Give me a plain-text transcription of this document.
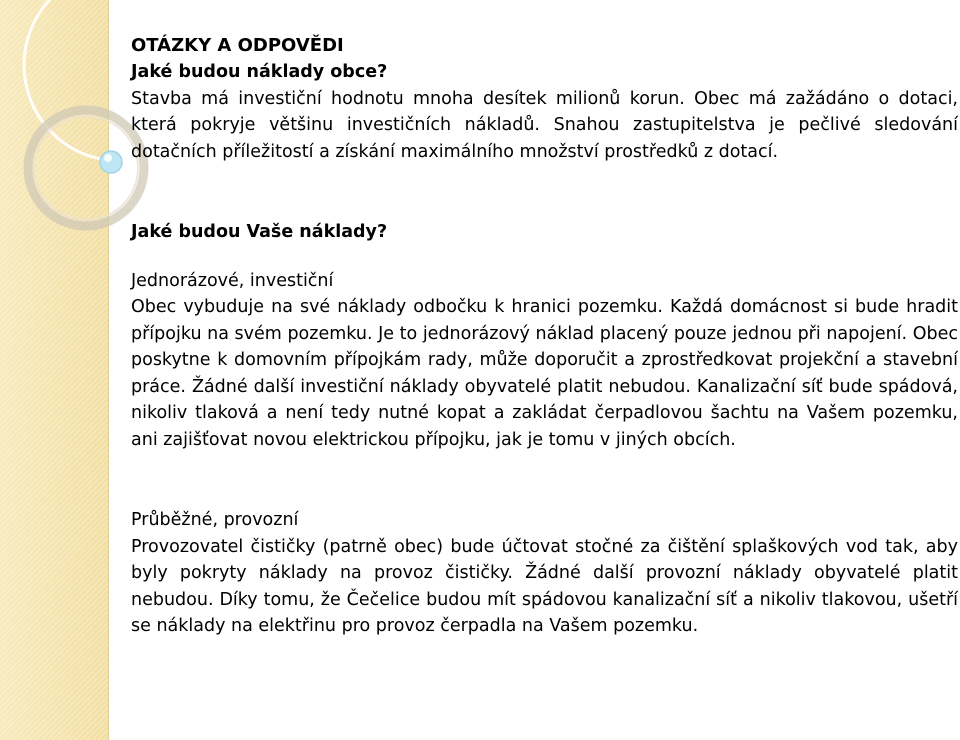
OTÁZKY A ODPOVĚDI

Jaké budou náklady obce?

Stavba má investiční hodnotu mnoha desítek milionů korun. Obec má zažádáno o dotaci, která pokryje většinu investičních nákladů. Snahou zastupitelstva je pečlivé sledování dotačních příležitostí a získání maximálního množství prostředků z dotací.

Jaké budou Vaše náklady?

Jednorázové, investiční

Obec vybuduje na své náklady odbočku k hranici pozemku. Každá domácnost si bude hradit přípojku na svém pozemku. Je to jednorázový náklad placený pouze jednou při napojení. Obec poskytne k domovním přípojkám rady, může doporučit a zprostředkovat projekční a stavební práce. Žádné další investiční náklady obyvatelé platit nebudou. Kanalizační síť bude spádová, nikoliv tlaková a není tedy nutné kopat a zakládat čerpadlovou šachtu na Vašem pozemku, ani zajišťovat novou elektrickou přípojku, jak je tomu v jiných obcích.

Průběžné, provozní

Provozovatel čističky (patrně obec) bude účtovat stočné za čištění splaškových vod tak, aby byly pokryty náklady na provoz čističky. Žádné další provozní náklady obyvatelé platit nebudou. Díky tomu, že Čečelice budou mít spádovou kanalizační síť a nikoliv tlakovou, ušetří se náklady na elektřinu pro provoz čerpadla na Vašem pozemku.
